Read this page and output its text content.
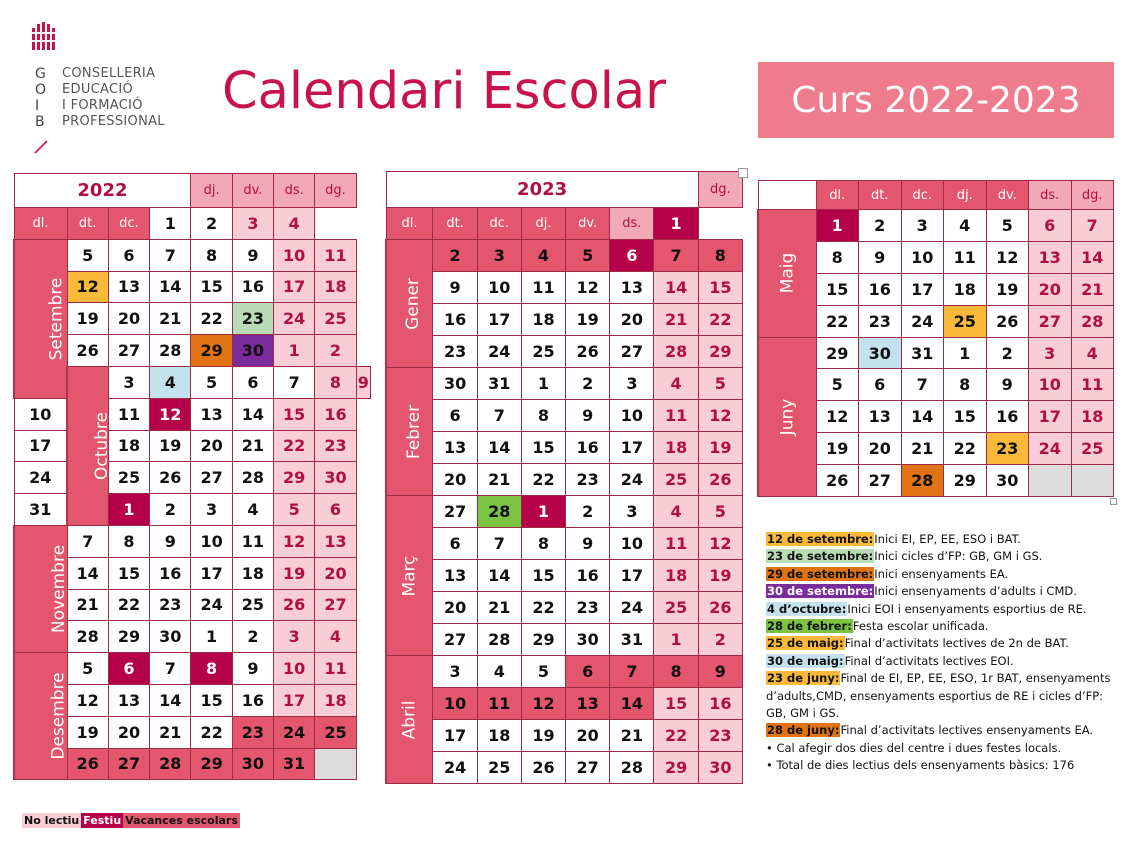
G
O
I
B
CONSELLERIA
EDUCACIÓ
I FORMACIÓ
PROFESSIONAL
Calendari Escolar	Curs 2022-2023
2022				dj.	dv.	ds.	dg.	
dl.	dt.	dc.	1	2	3	4		
Setembre	5	6	7	8	9	10	11	
	12	13	14	15	16	17	18	
	19	20	21	22	23	24	25	
	26	27	28	29	30	1	2	
	Octubre	3	4	5	6	7	8	9
10		11	12	13	14	15	16	
17		18	19	20	21	22	23	
24		25	26	27	28	29	30	
31		1	2	3	4	5	6	
Novembre	7	8	9	10	11	12	13	
	14	15	16	17	18	19	20	
	21	22	23	24	25	26	27	
	28	29	30	1	2	3	4	
Desembre	5	6	7	8	9	10	11	
	12	13	14	15	16	17	18	
	19	20	21	22	23	24	25	
	26	27	28	29	30	31		
2023							dg.
dl.	dt.	dc.	dj.	dv.	ds.	1	
Gener	2	3	4	5	6	7	8
	9	10	11	12	13	14	15
	16	17	18	19	20	21	22
	23	24	25	26	27	28	29
Febrer	30	31	1	2	3	4	5
	6	7	8	9	10	11	12
	13	14	15	16	17	18	19
	20	21	22	23	24	25	26
Març	27	28	1	2	3	4	5
	6	7	8	9	10	11	12
	13	14	15	16	17	18	19
	20	21	22	23	24	25	26
	27	28	29	30	31	1	2
Abril	3	4	5	6	7	8	9
	10	11	12	13	14	15	16
	17	18	19	20	21	22	23
	24	25	26	27	28	29	30
	dl.	dt.	dc.	dj.	dv.	ds.	dg.
Maig	1	2	3	4	5	6	7
	8	9	10	11	12	13	14
	15	16	17	18	19	20	21
	22	23	24	25	26	27	28
Juny	29	30	31	1	2	3	4
	5	6	7	8	9	10	11
	12	13	14	15	16	17	18
	19	20	21	22	23	24	25
	26	27	28	29	30		
12 de setembre:Inici EI, EP, EE, ESO i BAT.
23 de setembre:Inici cicles d’FP: GB, GM i GS.
29 de setembre:Inici ensenyaments EA.
30 de setembre:Inici ensenyaments d’adults i CMD.
4 d’octubre:Inici EOI i ensenyaments esportius de RE.
28 de febrer:Festa escolar unificada.
25 de maig:Final d’activitats lectives de 2n de BAT.
30 de maig:Final d’activitats lectives EOI.
23 de juny:Final de EI, EP, EE, ESO, 1r BAT, ensenyaments d’adults,CMD, ensenyaments esportius de RE i cicles d’FP: GB, GM i GS.
28 de juny:Final d’activitats lectives ensenyaments EA.
• Cal afegir dos dies del centre i dues festes locals.
• Total de dies lectius dels ensenyaments bàsics: 176
No lectiu Festiu Vacances escolars
